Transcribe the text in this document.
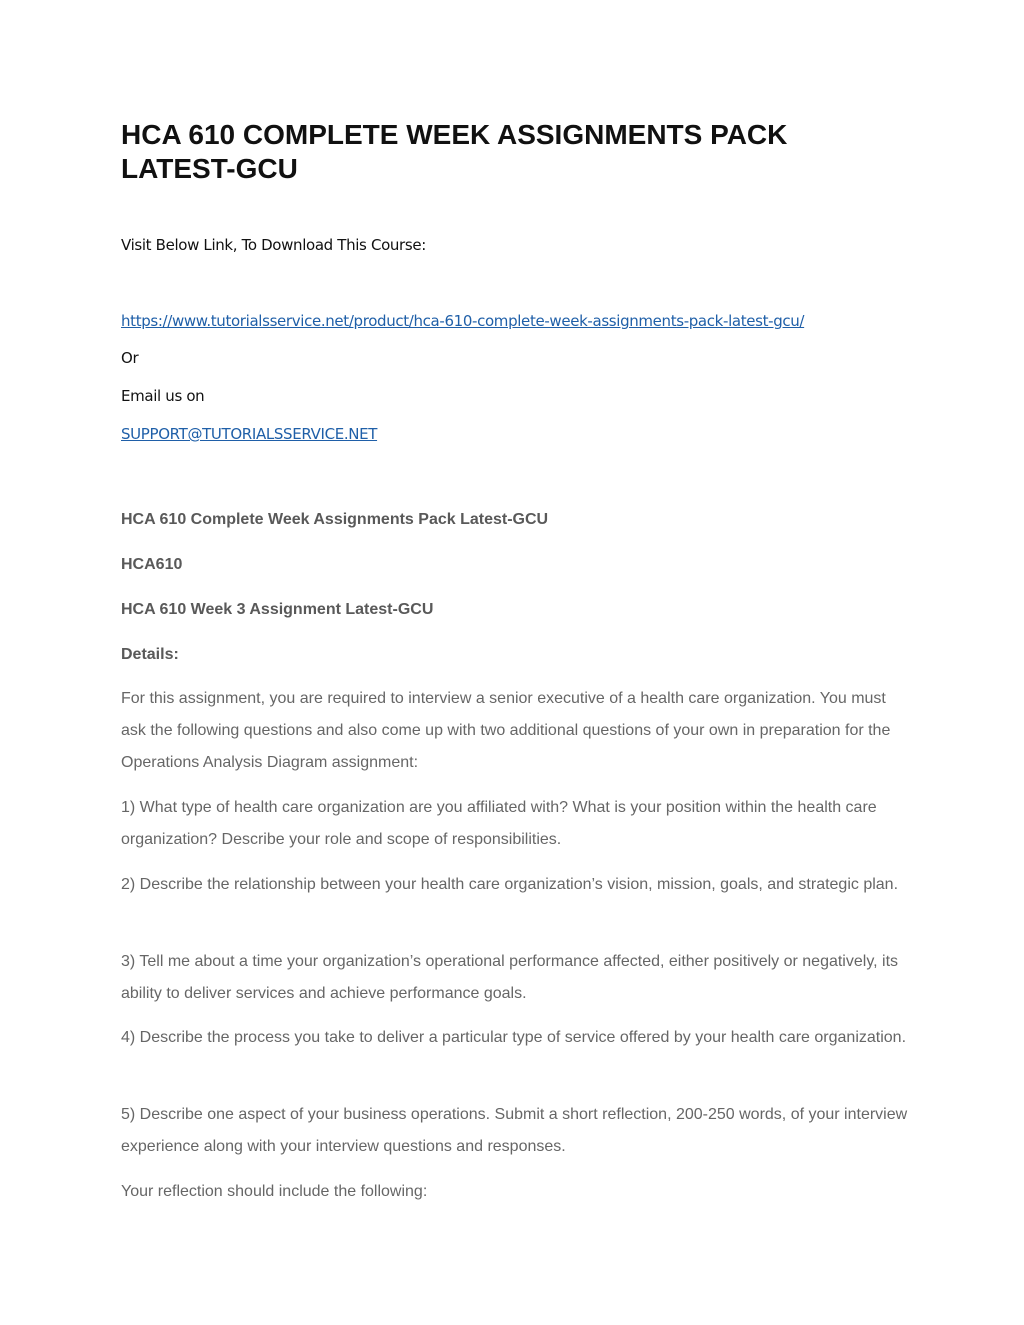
HCA 610 COMPLETE WEEK ASSIGNMENTS PACK LATEST-GCU

Visit Below Link, To Download This Course:

https://www.tutorialsservice.net/product/hca-610-complete-week-assignments-pack-latest-gcu/

Or

Email us on

SUPPORT@TUTORIALSSERVICE.NET

HCA 610 Complete Week Assignments Pack Latest-GCU

HCA610

HCA 610 Week 3 Assignment Latest-GCU

Details:

For this assignment, you are required to interview a senior executive of a health care organization. You must ask the following questions and also come up with two additional questions of your own in preparation for the Operations Analysis Diagram assignment:

1) What type of health care organization are you affiliated with? What is your position within the health care organization? Describe your role and scope of responsibilities.

2) Describe the relationship between your health care organization’s vision, mission, goals, and strategic plan.

3) Tell me about a time your organization’s operational performance affected, either positively or negatively, its ability to deliver services and achieve performance goals.

4) Describe the process you take to deliver a particular type of service offered by your health care organization.

5) Describe one aspect of your business operations. Submit a short reflection, 200-250 words, of your interview experience along with your interview questions and responses.

Your reflection should include the following:
